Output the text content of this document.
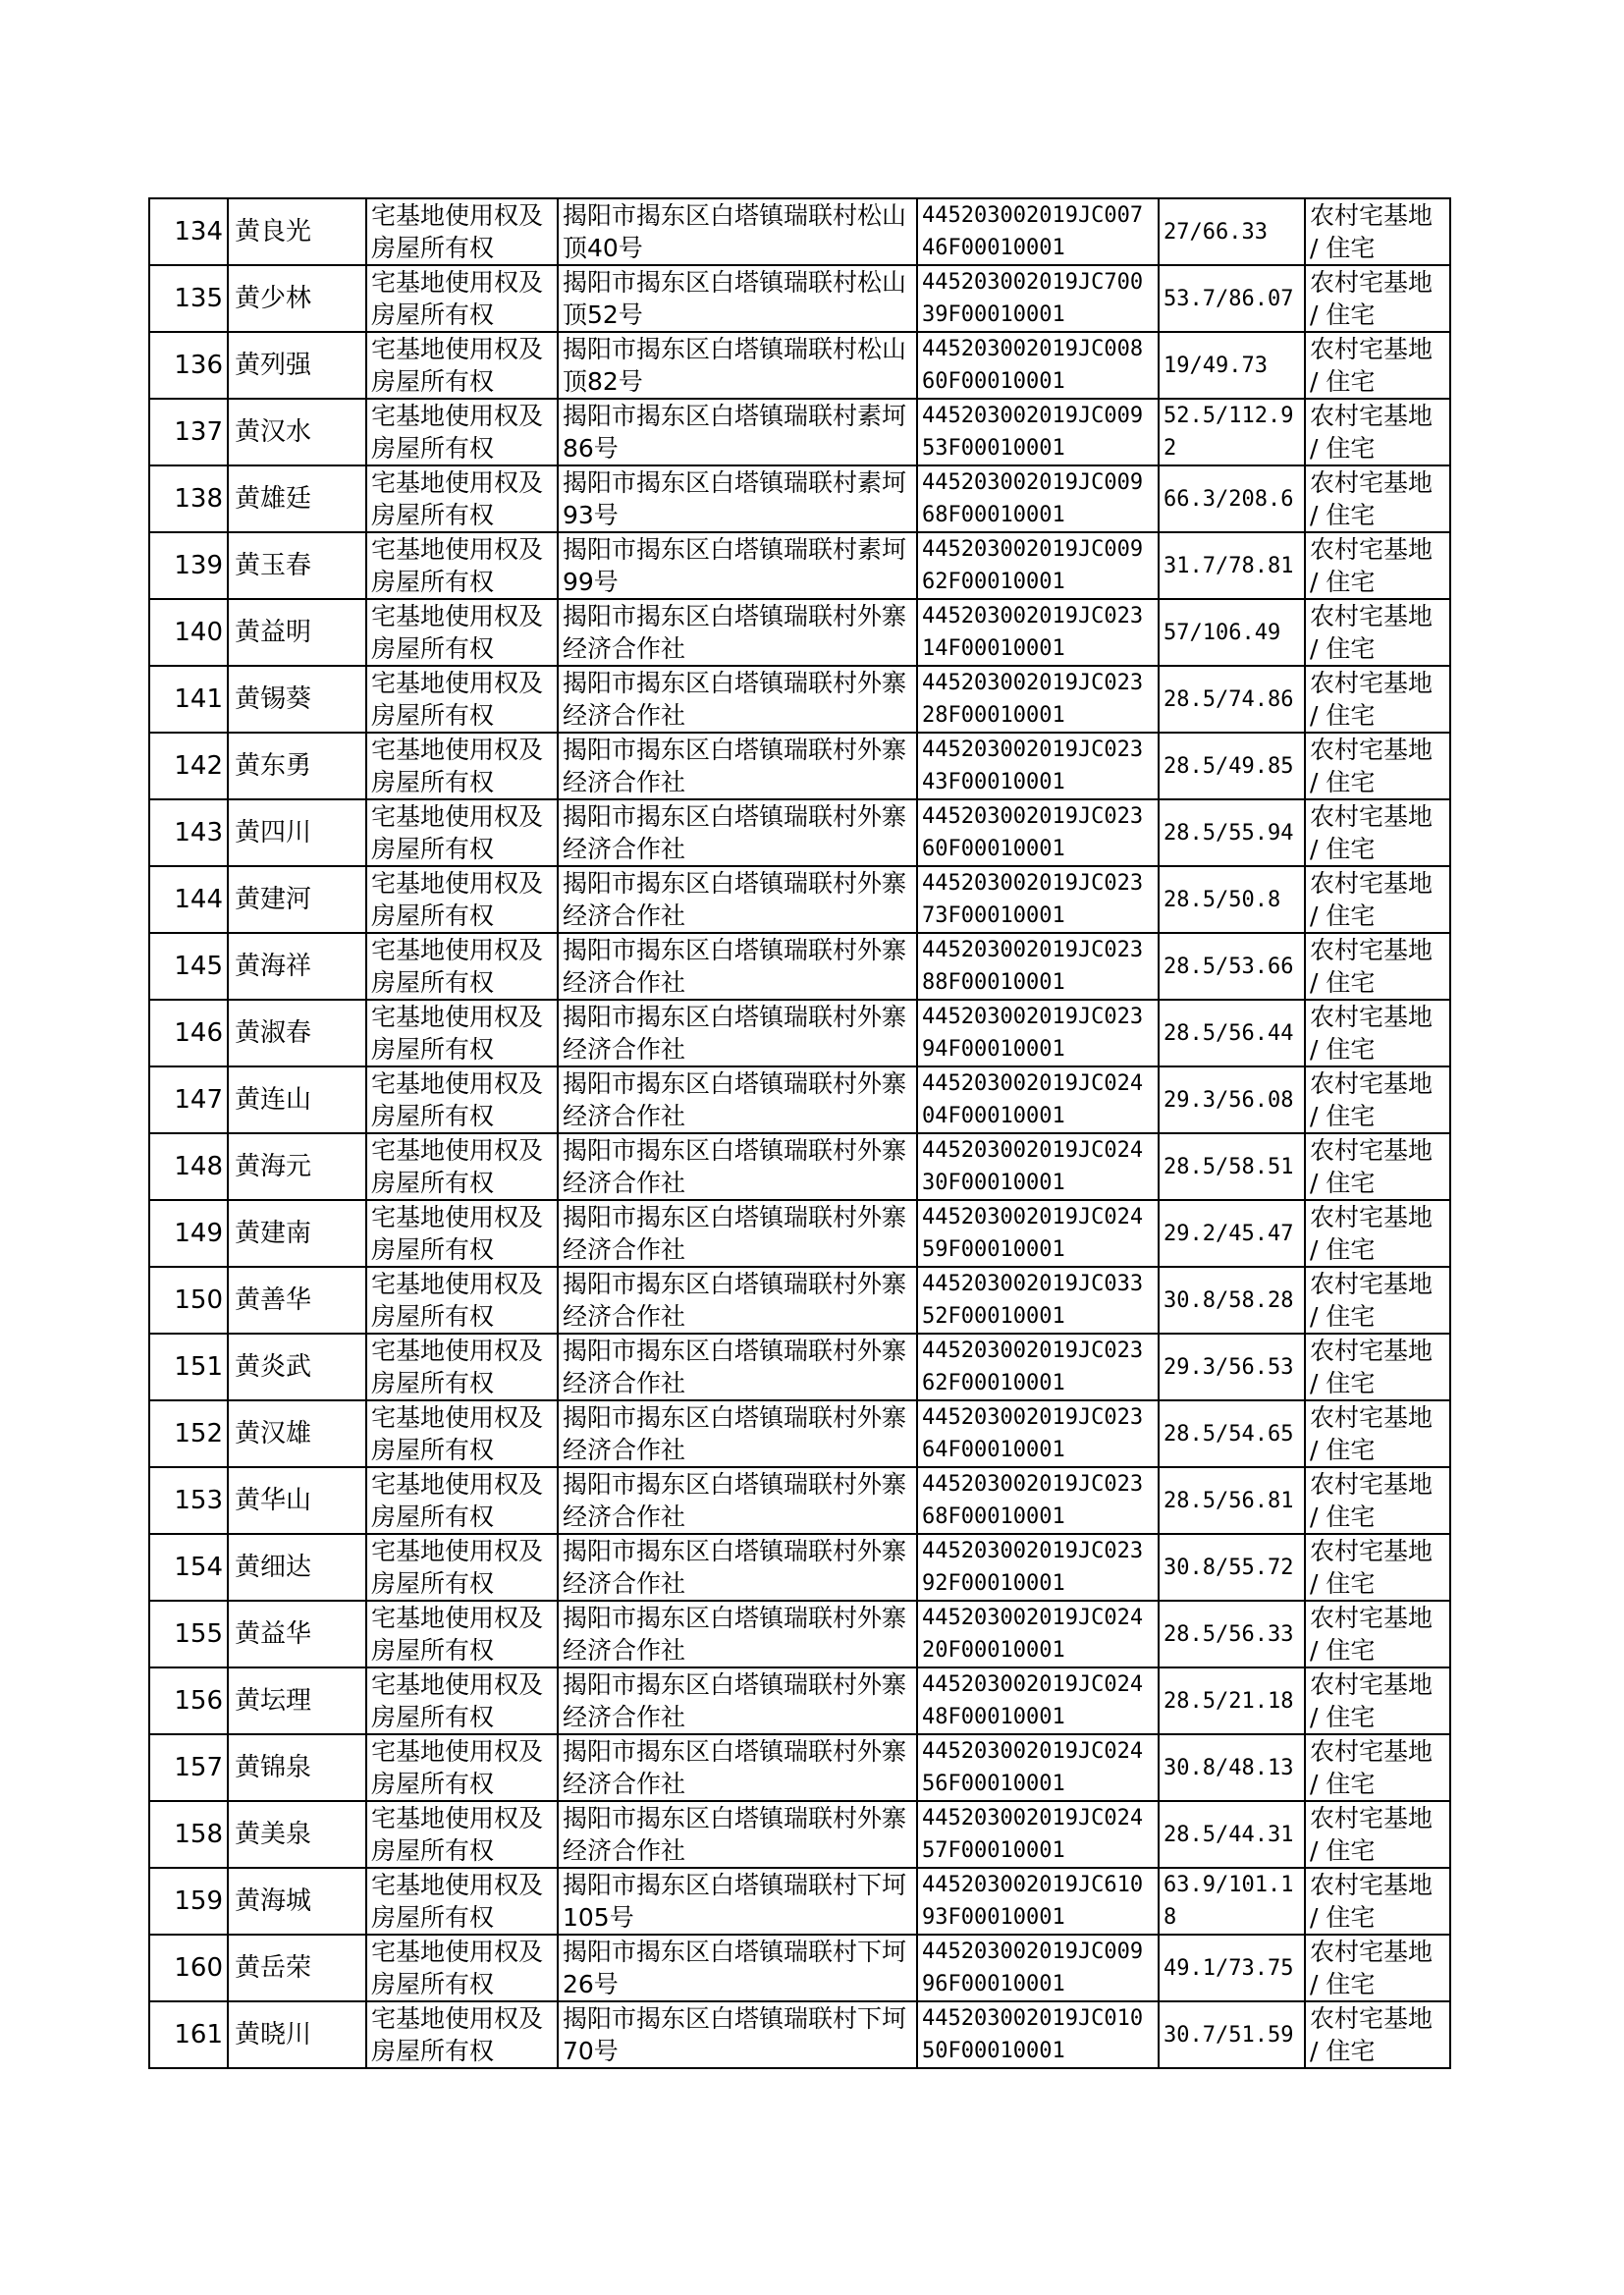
134	黄良光	宅基地使用权及房屋所有权	揭阳市揭东区白塔镇瑞联村松山顶40号	445203002019JC00746F00010001	27/66.33	农村宅基地 / 住宅
135	黄少林	宅基地使用权及房屋所有权	揭阳市揭东区白塔镇瑞联村松山顶52号	445203002019JC70039F00010001	53.7/86.07	农村宅基地 / 住宅
136	黄列强	宅基地使用权及房屋所有权	揭阳市揭东区白塔镇瑞联村松山顶82号	445203002019JC00860F00010001	19/49.73	农村宅基地 / 住宅
137	黄汉水	宅基地使用权及房屋所有权	揭阳市揭东区白塔镇瑞联村素坷86号	445203002019JC00953F00010001	52.5/112.92	农村宅基地 / 住宅
138	黄雄廷	宅基地使用权及房屋所有权	揭阳市揭东区白塔镇瑞联村素坷93号	445203002019JC00968F00010001	66.3/208.6	农村宅基地 / 住宅
139	黄玉春	宅基地使用权及房屋所有权	揭阳市揭东区白塔镇瑞联村素坷99号	445203002019JC00962F00010001	31.7/78.81	农村宅基地 / 住宅
140	黄益明	宅基地使用权及房屋所有权	揭阳市揭东区白塔镇瑞联村外寨经济合作社	445203002019JC02314F00010001	57/106.49	农村宅基地 / 住宅
141	黄锡葵	宅基地使用权及房屋所有权	揭阳市揭东区白塔镇瑞联村外寨经济合作社	445203002019JC02328F00010001	28.5/74.86	农村宅基地 / 住宅
142	黄东勇	宅基地使用权及房屋所有权	揭阳市揭东区白塔镇瑞联村外寨经济合作社	445203002019JC02343F00010001	28.5/49.85	农村宅基地 / 住宅
143	黄四川	宅基地使用权及房屋所有权	揭阳市揭东区白塔镇瑞联村外寨经济合作社	445203002019JC02360F00010001	28.5/55.94	农村宅基地 / 住宅
144	黄建河	宅基地使用权及房屋所有权	揭阳市揭东区白塔镇瑞联村外寨经济合作社	445203002019JC02373F00010001	28.5/50.8	农村宅基地 / 住宅
145	黄海祥	宅基地使用权及房屋所有权	揭阳市揭东区白塔镇瑞联村外寨经济合作社	445203002019JC02388F00010001	28.5/53.66	农村宅基地 / 住宅
146	黄淑春	宅基地使用权及房屋所有权	揭阳市揭东区白塔镇瑞联村外寨经济合作社	445203002019JC02394F00010001	28.5/56.44	农村宅基地 / 住宅
147	黄连山	宅基地使用权及房屋所有权	揭阳市揭东区白塔镇瑞联村外寨经济合作社	445203002019JC02404F00010001	29.3/56.08	农村宅基地 / 住宅
148	黄海元	宅基地使用权及房屋所有权	揭阳市揭东区白塔镇瑞联村外寨经济合作社	445203002019JC02430F00010001	28.5/58.51	农村宅基地 / 住宅
149	黄建南	宅基地使用权及房屋所有权	揭阳市揭东区白塔镇瑞联村外寨经济合作社	445203002019JC02459F00010001	29.2/45.47	农村宅基地 / 住宅
150	黄善华	宅基地使用权及房屋所有权	揭阳市揭东区白塔镇瑞联村外寨经济合作社	445203002019JC03352F00010001	30.8/58.28	农村宅基地 / 住宅
151	黄炎武	宅基地使用权及房屋所有权	揭阳市揭东区白塔镇瑞联村外寨经济合作社	445203002019JC02362F00010001	29.3/56.53	农村宅基地 / 住宅
152	黄汉雄	宅基地使用权及房屋所有权	揭阳市揭东区白塔镇瑞联村外寨经济合作社	445203002019JC02364F00010001	28.5/54.65	农村宅基地 / 住宅
153	黄华山	宅基地使用权及房屋所有权	揭阳市揭东区白塔镇瑞联村外寨经济合作社	445203002019JC02368F00010001	28.5/56.81	农村宅基地 / 住宅
154	黄细达	宅基地使用权及房屋所有权	揭阳市揭东区白塔镇瑞联村外寨经济合作社	445203002019JC02392F00010001	30.8/55.72	农村宅基地 / 住宅
155	黄益华	宅基地使用权及房屋所有权	揭阳市揭东区白塔镇瑞联村外寨经济合作社	445203002019JC02420F00010001	28.5/56.33	农村宅基地 / 住宅
156	黄坛理	宅基地使用权及房屋所有权	揭阳市揭东区白塔镇瑞联村外寨经济合作社	445203002019JC02448F00010001	28.5/21.18	农村宅基地 / 住宅
157	黄锦泉	宅基地使用权及房屋所有权	揭阳市揭东区白塔镇瑞联村外寨经济合作社	445203002019JC02456F00010001	30.8/48.13	农村宅基地 / 住宅
158	黄美泉	宅基地使用权及房屋所有权	揭阳市揭东区白塔镇瑞联村外寨经济合作社	445203002019JC02457F00010001	28.5/44.31	农村宅基地 / 住宅
159	黄海城	宅基地使用权及房屋所有权	揭阳市揭东区白塔镇瑞联村下坷105号	445203002019JC61093F00010001	63.9/101.18	农村宅基地 / 住宅
160	黄岳荣	宅基地使用权及房屋所有权	揭阳市揭东区白塔镇瑞联村下坷26号	445203002019JC00996F00010001	49.1/73.75	农村宅基地 / 住宅
161	黄晓川	宅基地使用权及房屋所有权	揭阳市揭东区白塔镇瑞联村下坷70号	445203002019JC01050F00010001	30.7/51.59	农村宅基地 / 住宅
